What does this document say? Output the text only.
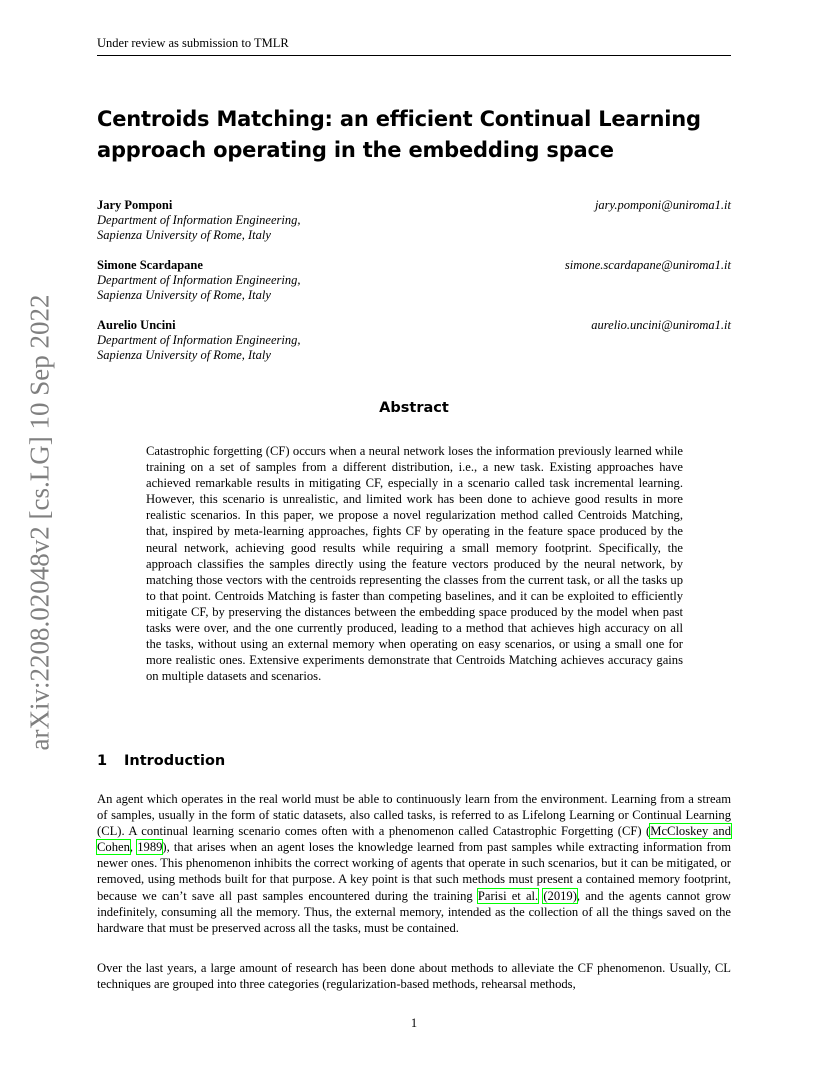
Under review as submission to TMLR
Centroids Matching: an efficient Continual Learning approach operating in the embedding space
Jary Pomponi
Department of Information Engineering,
Sapienza University of Rome, Italy
jary.pomponi@uniroma1.it
Simone Scardapane
Department of Information Engineering,
Sapienza University of Rome, Italy
simone.scardapane@uniroma1.it
Aurelio Uncini
Department of Information Engineering,
Sapienza University of Rome, Italy
aurelio.uncini@uniroma1.it
Abstract

Catastrophic forgetting (CF) occurs when a neural network loses the information previously learned while training on a set of samples from a different distribution, i.e., a new task. Existing approaches have achieved remarkable results in mitigating CF, especially in a scenario called task incremental learning. However, this scenario is unrealistic, and limited work has been done to achieve good results in more realistic scenarios. In this paper, we propose a novel regularization method called Centroids Matching, that, inspired by meta-learning approaches, fights CF by operating in the feature space produced by the neural network, achieving good results while requiring a small memory footprint. Specifically, the approach classifies the samples directly using the feature vectors produced by the neural network, by matching those vectors with the centroids representing the classes from the current task, or all the tasks up to that point. Centroids Matching is faster than competing baselines, and it can be exploited to efficiently mitigate CF, by preserving the distances between the embedding space produced by the model when past tasks were over, and the one currently produced, leading to a method that achieves high accuracy on all the tasks, without using an external memory when operating on easy scenarios, or using a small one for more realistic ones. Extensive experiments demonstrate that Centroids Matching achieves accuracy gains on multiple datasets and scenarios.

1 Introduction

An agent which operates in the real world must be able to continuously learn from the environment. Learning from a stream of samples, usually in the form of static datasets, also called tasks, is referred to as Lifelong Learning or Continual Learning (CL). A continual learning scenario comes often with a phenomenon called Catastrophic Forgetting (CF) (McCloskey and Cohen, 1989), that arises when an agent loses the knowledge learned from past samples while extracting information from newer ones. This phenomenon inhibits the correct working of agents that operate in such scenarios, but it can be mitigated, or removed, using methods built for that purpose. A key point is that such methods must present a contained memory footprint, because we can’t save all past samples encountered during the training Parisi et al. (2019), and the agents cannot grow indefinitely, consuming all the memory. Thus, the external memory, intended as the collection of all the things saved on the hardware that must be preserved across all the tasks, must be contained.

Over the last years, a large amount of research has been done about methods to alleviate the CF phenomenon. Usually, CL techniques are grouped into three categories (regularization-based methods, rehearsal methods,

1
arXiv:2208.02048v2 [cs.LG] 10 Sep 2022
